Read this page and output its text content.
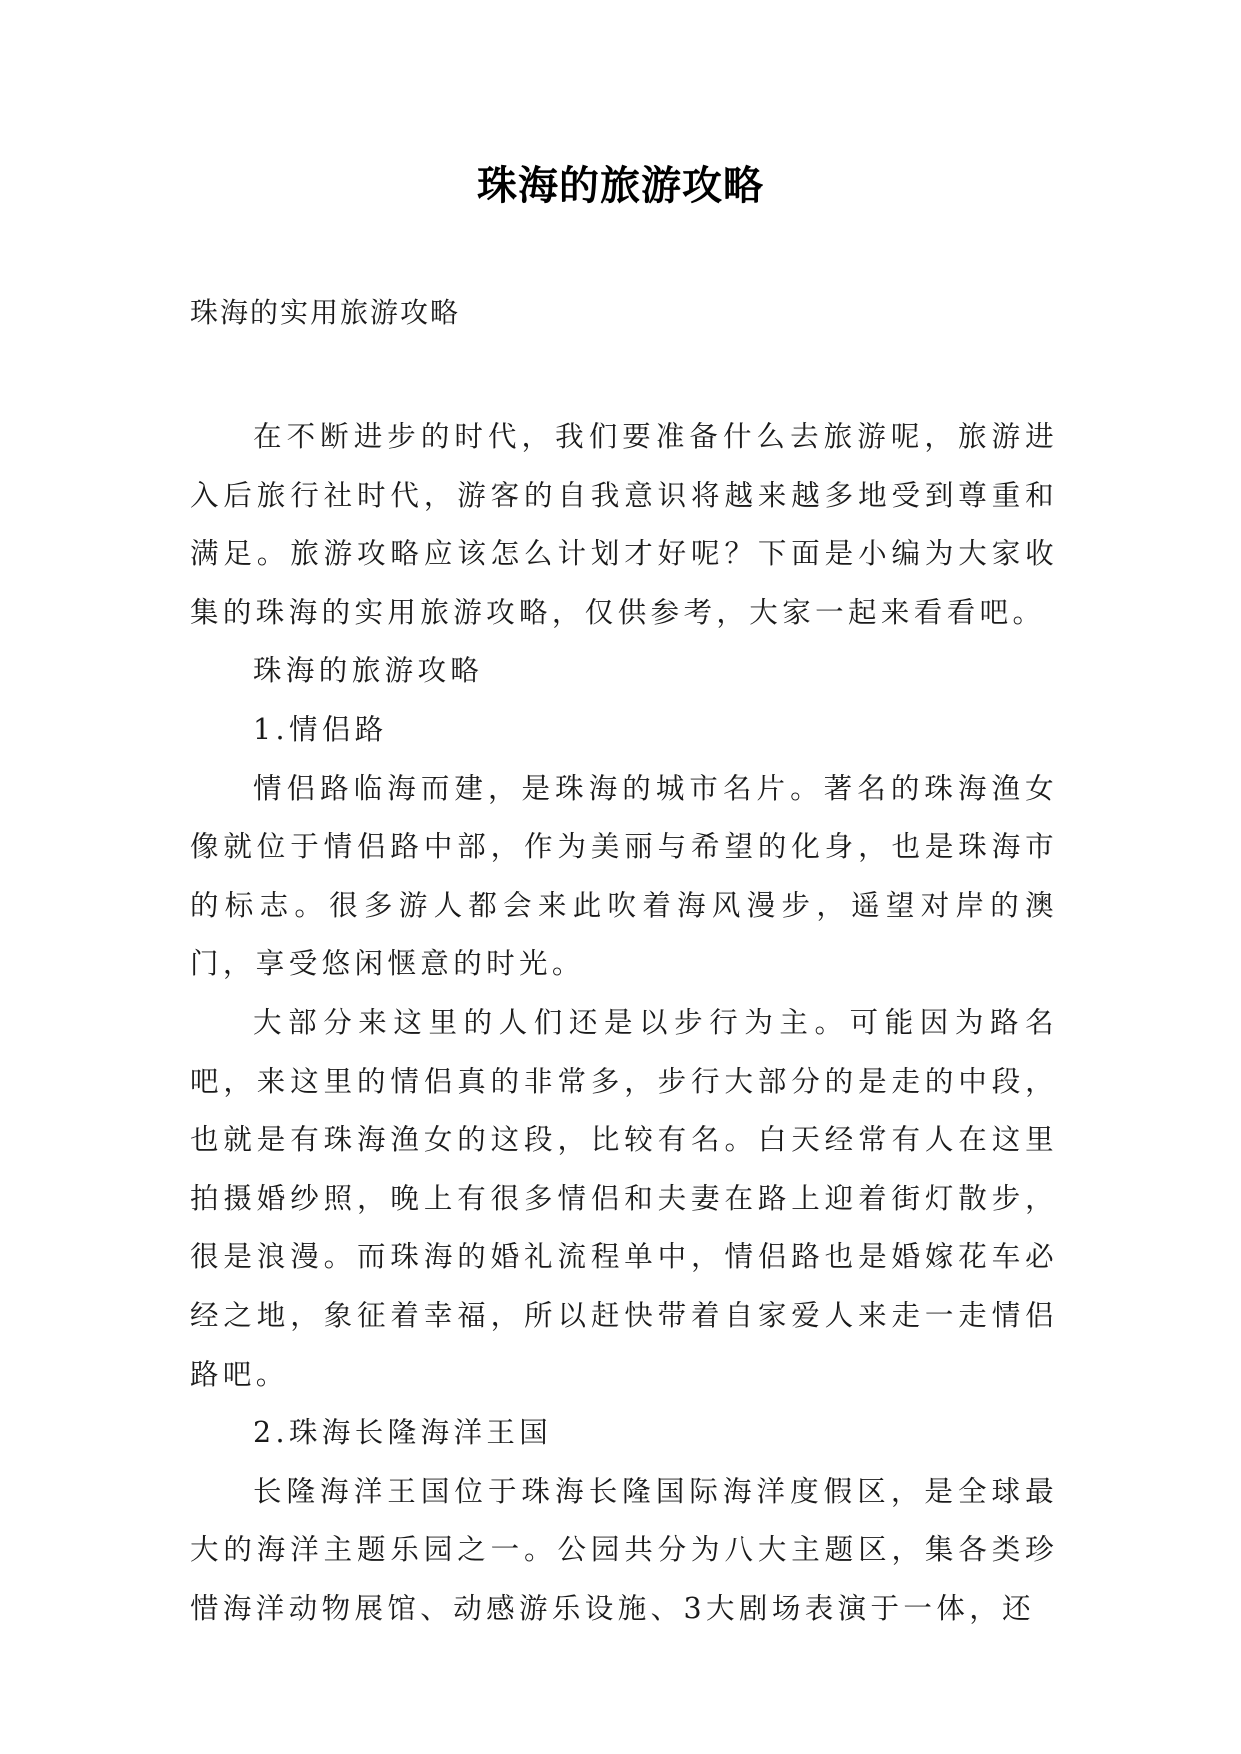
珠海的旅游攻略
珠海的实用旅游攻略

在不断进步的时代，我们要准备什么去旅游呢，旅游进入后旅行社时代，游客的自我意识将越来越多地受到尊重和满足。旅游攻略应该怎么计划才好呢？下面是小编为大家收集的珠海的实用旅游攻略，仅供参考，大家一起来看看吧。

珠海的旅游攻略

1.情侣路

情侣路临海而建，是珠海的城市名片。著名的珠海渔女像就位于情侣路中部，作为美丽与希望的化身，也是珠海市的标志。很多游人都会来此吹着海风漫步，遥望对岸的澳门，享受悠闲惬意的时光。

大部分来这里的人们还是以步行为主。可能因为路名吧，来这里的情侣真的非常多，步行大部分的是走的中段，也就是有珠海渔女的这段，比较有名。白天经常有人在这里拍摄婚纱照，晚上有很多情侣和夫妻在路上迎着街灯散步，很是浪漫。而珠海的婚礼流程单中，情侣路也是婚嫁花车必经之地，象征着幸福，所以赶快带着自家爱人来走一走情侣路吧。

2.珠海长隆海洋王国

长隆海洋王国位于珠海长隆国际海洋度假区，是全球最大的海洋主题乐园之一。公园共分为八大主题区，集各类珍惜海洋动物展馆、动感游乐设施、3大剧场表演于一体，还
